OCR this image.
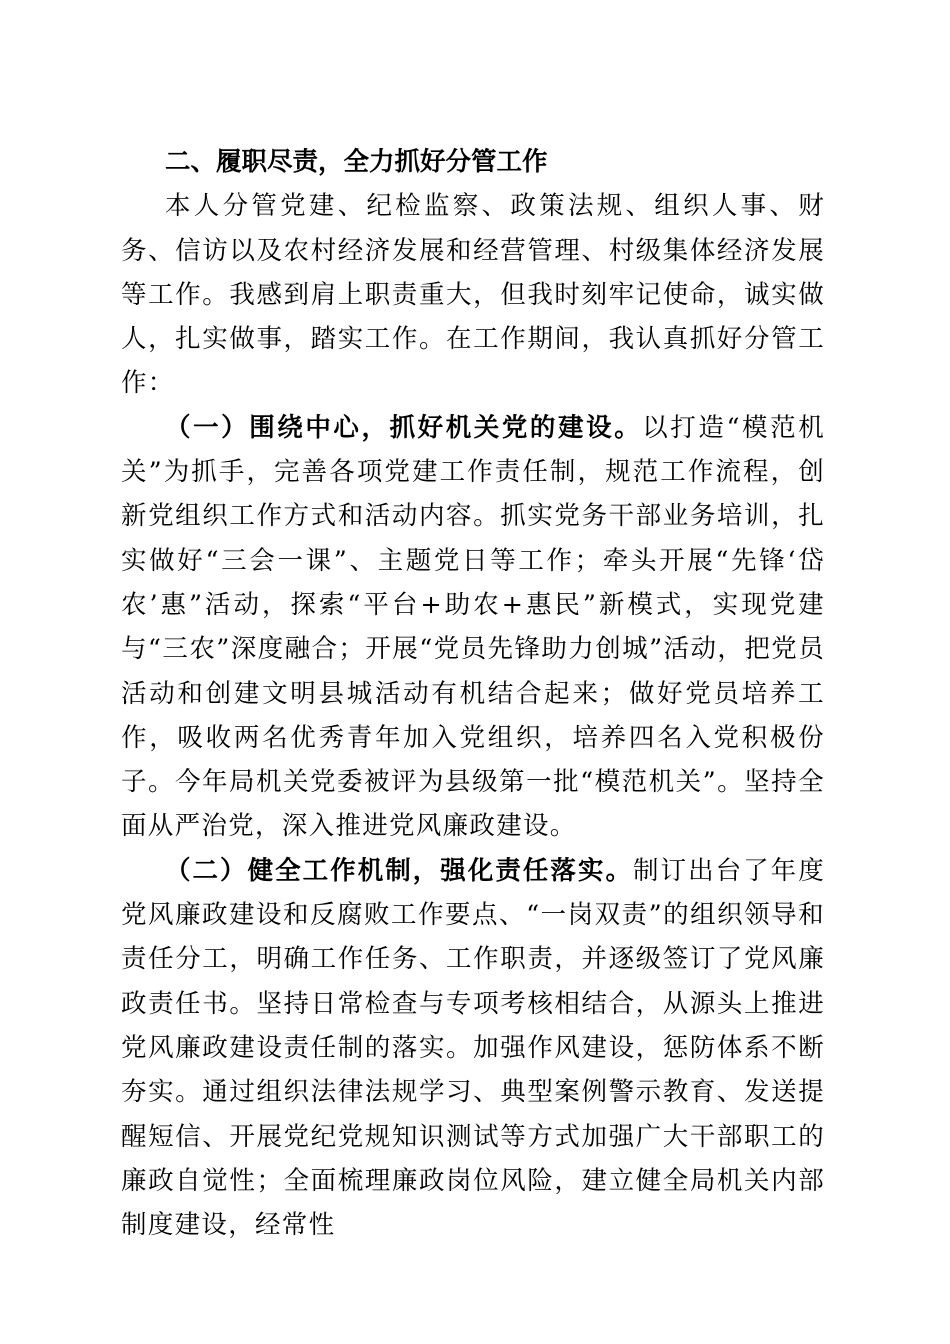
二、履职尽责，全力抓好分管工作

本人分管党建、纪检监察、政策法规、组织人事、财务、信访以及农村经济发展和经营管理、村级集体经济发展等工作。我感到肩上职责重大，但我时刻牢记使命，诚实做人，扎实做事，踏实工作。在工作期间，我认真抓好分管工作：

（一）围绕中心，抓好机关党的建设。以打造“模范机关”为抓手，完善各项党建工作责任制，规范工作流程，创新党组织工作方式和活动内容。抓实党务干部业务培训，扎实做好“三会一课”、主题党日等工作；牵头开展“先锋‘岱农’惠”活动，探索“平台+助农+惠民”新模式，实现党建与“三农”深度融合；开展“党员先锋助力创城”活动，把党员活动和创建文明县城活动有机结合起来；做好党员培养工作，吸收两名优秀青年加入党组织，培养四名入党积极份子。今年局机关党委被评为县级第一批“模范机关”。坚持全面从严治党，深入推进党风廉政建设。

（二）健全工作机制，强化责任落实。制订出台了年度党风廉政建设和反腐败工作要点、“一岗双责”的组织领导和责任分工，明确工作任务、工作职责，并逐级签订了党风廉政责任书。坚持日常检查与专项考核相结合，从源头上推进党风廉政建设责任制的落实。加强作风建设，惩防体系不断夯实。通过组织法律法规学习、典型案例警示教育、发送提醒短信、开展党纪党规知识测试等方式加强广大干部职工的廉政自觉性；全面梳理廉政岗位风险，建立健全局机关内部制度建设，经常性
